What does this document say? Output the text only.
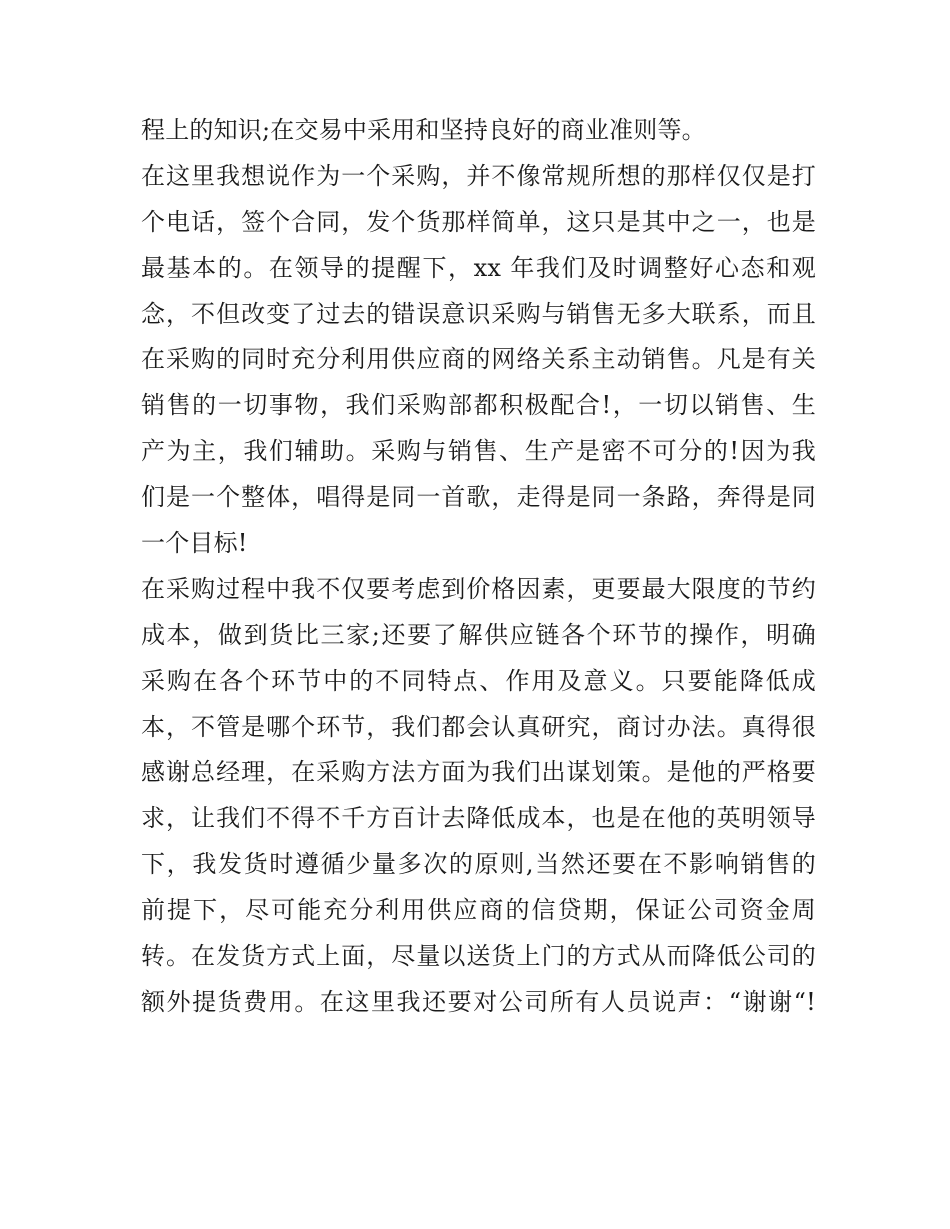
程上的知识;在交易中采用和坚持良好的商业准则等。
在这里我想说作为一个采购，并不像常规所想的那样仅仅是打
个电话，签个合同，发个货那样简单，这只是其中之一，也是
最基本的。在领导的提醒下，xx 年我们及时调整好心态和观
念，不但改变了过去的错误意识采购与销售无多大联系，而且
在采购的同时充分利用供应商的网络关系主动销售。凡是有关
销售的一切事物，我们采购部都积极配合!，一切以销售、生
产为主，我们辅助。采购与销售、生产是密不可分的!因为我
们是一个整体，唱得是同一首歌，走得是同一条路，奔得是同
一个目标!
在采购过程中我不仅要考虑到价格因素，更要最大限度的节约
成本，做到货比三家;还要了解供应链各个环节的操作，明确
采购在各个环节中的不同特点、作用及意义。只要能降低成
本，不管是哪个环节，我们都会认真研究，商讨办法。真得很
感谢总经理，在采购方法方面为我们出谋划策。是他的严格要
求，让我们不得不千方百计去降低成本，也是在他的英明领导
下，我发货时遵循少量多次的原则,当然还要在不影响销售的
前提下，尽可能充分利用供应商的信贷期，保证公司资金周
转。在发货方式上面，尽量以送货上门的方式从而降低公司的
额外提货费用。在这里我还要对公司所有人员说声：“谢谢“!
